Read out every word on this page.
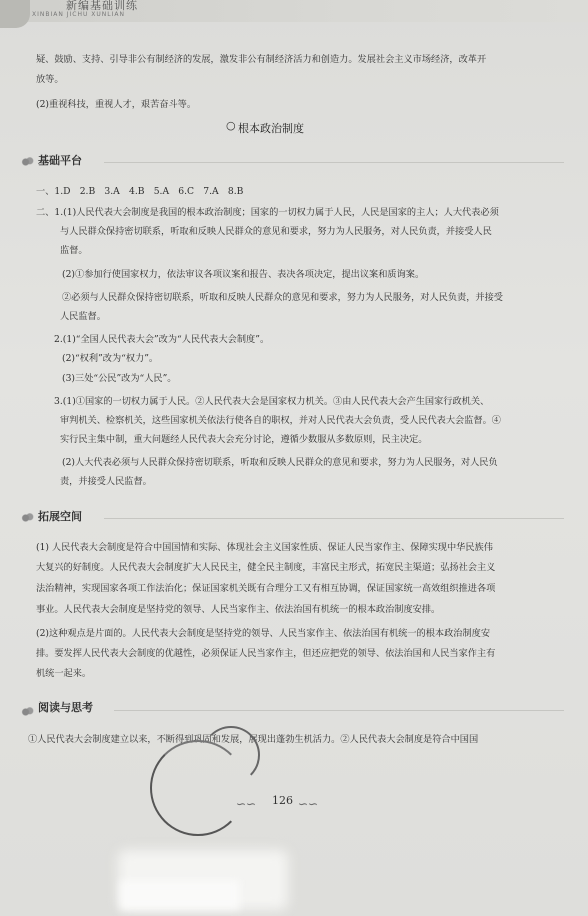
新编基础训练
XINBIAN JICHU XUNLIAN
疑、鼓励、支持、引导非公有制经济的发展，激发非公有制经济活力和创造力。发展社会主义市场经济，改革开
放等。
(2)重视科技，重视人才，艰苦奋斗等。
○ 根本政治制度
基础平台
一、1.D　2.B　3.A　4.B　5.A　6.C　7.A　8.B
二、1.(1)人民代表大会制度是我国的根本政治制度；国家的一切权力属于人民，人民是国家的主人；人大代表必须
与人民群众保持密切联系，听取和反映人民群众的意见和要求，努力为人民服务，对人民负责，并接受人民
监督。
(2)①参加行使国家权力，依法审议各项议案和报告、表决各项决定，提出议案和质询案。
②必须与人民群众保持密切联系，听取和反映人民群众的意见和要求，努力为人民服务，对人民负责，并接受
人民监督。
2.(1)“全国人民代表大会”改为“人民代表大会制度”。
(2)“权利”改为“权力”。
(3)三处“公民”改为“人民”。
3.(1)①国家的一切权力属于人民。②人民代表大会是国家权力机关。③由人民代表大会产生国家行政机关、
审判机关、检察机关，这些国家机关依法行使各自的职权，并对人民代表大会负责，受人民代表大会监督。④
实行民主集中制，重大问题经人民代表大会充分讨论，遵循少数服从多数原则，民主决定。
(2)人大代表必须与人民群众保持密切联系，听取和反映人民群众的意见和要求，努力为人民服务，对人民负
责，并接受人民监督。
拓展空间
(1) 人民代表大会制度是符合中国国情和实际、体现社会主义国家性质、保证人民当家作主、保障实现中华民族伟
大复兴的好制度。人民代表大会制度扩大人民民主，健全民主制度，丰富民主形式，拓宽民主渠道；弘扬社会主义
法治精神，实现国家各项工作法治化；保证国家机关既有合理分工又有相互协调，保证国家统一高效组织推进各项
事业。人民代表大会制度是坚持党的领导、人民当家作主、依法治国有机统一的根本政治制度安排。
(2)这种观点是片面的。人民代表大会制度是坚持党的领导、人民当家作主、依法治国有机统一的根本政治制度安
排。要发挥人民代表大会制度的优越性，必须保证人民当家作主，但还应把党的领导、依法治国和人民当家作主有
机统一起来。
阅读与思考
①人民代表大会制度建立以来，不断得到巩固和发展，展现出蓬勃生机活力。②人民代表大会制度是符合中国国
∽∽ 126 ∽∽
